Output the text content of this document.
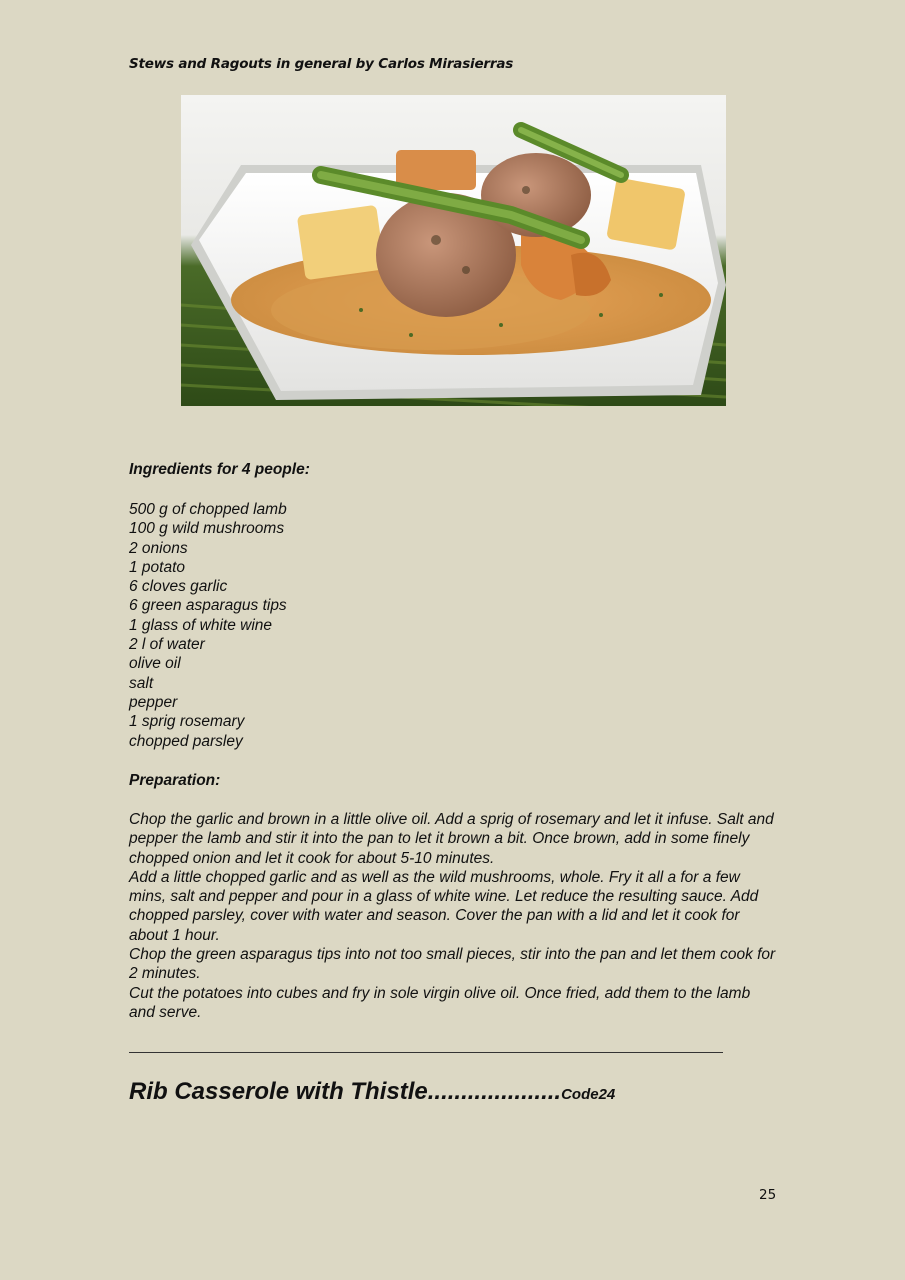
Stews and Ragouts in general by Carlos Mirasierras
Ingredients for 4 people:
500 g of chopped lamb
100 g wild mushrooms
2 onions
1 potato
6 cloves garlic
6 green asparagus tips
1 glass of white wine
2 l of water
olive oil
salt
pepper
1 sprig rosemary
chopped parsley
Preparation:

Chop the garlic and brown in a little olive oil. Add a sprig of rosemary and let it infuse. Salt and pepper the lamb and stir it into the pan to let it brown a bit. Once brown, add in some finely chopped onion and let it cook for about 5-10 minutes.

Add a little chopped garlic and as well as the wild mushrooms, whole. Fry it all a for a few mins, salt and pepper and pour in a glass of white wine. Let reduce the resulting sauce. Add chopped parsley, cover with water and season. Cover the pan with a lid and let it cook for about 1 hour.

Chop the green asparagus tips into not too small pieces, stir into the pan and let them cook for 2 minutes.

Cut the potatoes into cubes and fry in sole virgin olive oil. Once fried, add them to the lamb and serve.

Rib Casserole with Thistle....................Code24
25
